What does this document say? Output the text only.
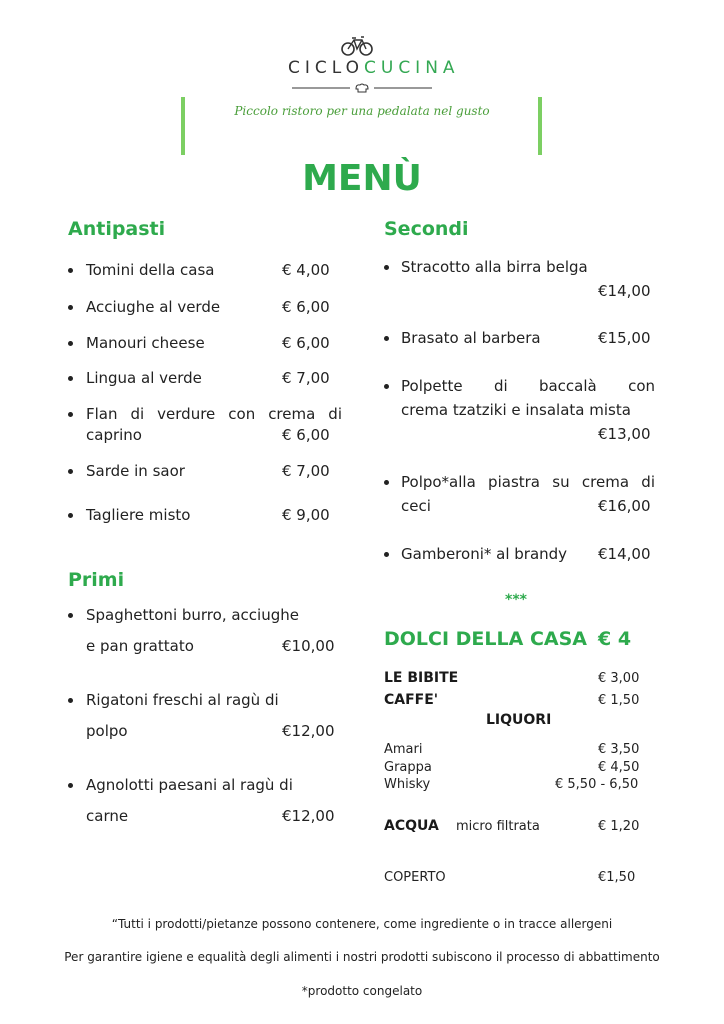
CICLOCUCINA
Piccolo ristoro per una pedalata nel gusto
MENÙ
Antipasti
Tomini della casa	€ 4,00
Acciughe al verde	€ 6,00
Manouri cheese	€ 6,00
Lingua al verde	€ 7,00
Flan di verdure con crema di
caprino	€ 6,00
Sarde in saor	€ 7,00
Tagliere misto	€ 9,00
Primi
Spaghettoni burro, acciughe
e pan grattato	€10,00
Rigatoni freschi al ragù di
polpo	€12,00
Agnolotti paesani al ragù di
carne	€12,00
Secondi
Stracotto alla birra belga
€14,00
Brasato al barbera	€15,00
Polpette di baccalà con
crema tzatziki e insalata mista
€13,00
Polpo*alla piastra su crema di
ceci	€16,00
Gamberoni* al brandy €14,00
***
DOLCI DELLA CASA € 4
LE BIBITE	€ 3,00
CAFFE'	€ 1,50
LIQUORI
Amari	€ 3,50
Grappa	€ 4,50
Whisky	€ 5,50 - 6,50
ACQUA micro filtrata	€ 1,20
COPERTO	€1,50
“Tutti i prodotti/pietanze possono contenere, come ingrediente o in tracce allergeni
Per garantire igiene e equalità degli alimenti i nostri prodotti subiscono il processo di abbattimento
*prodotto congelato
